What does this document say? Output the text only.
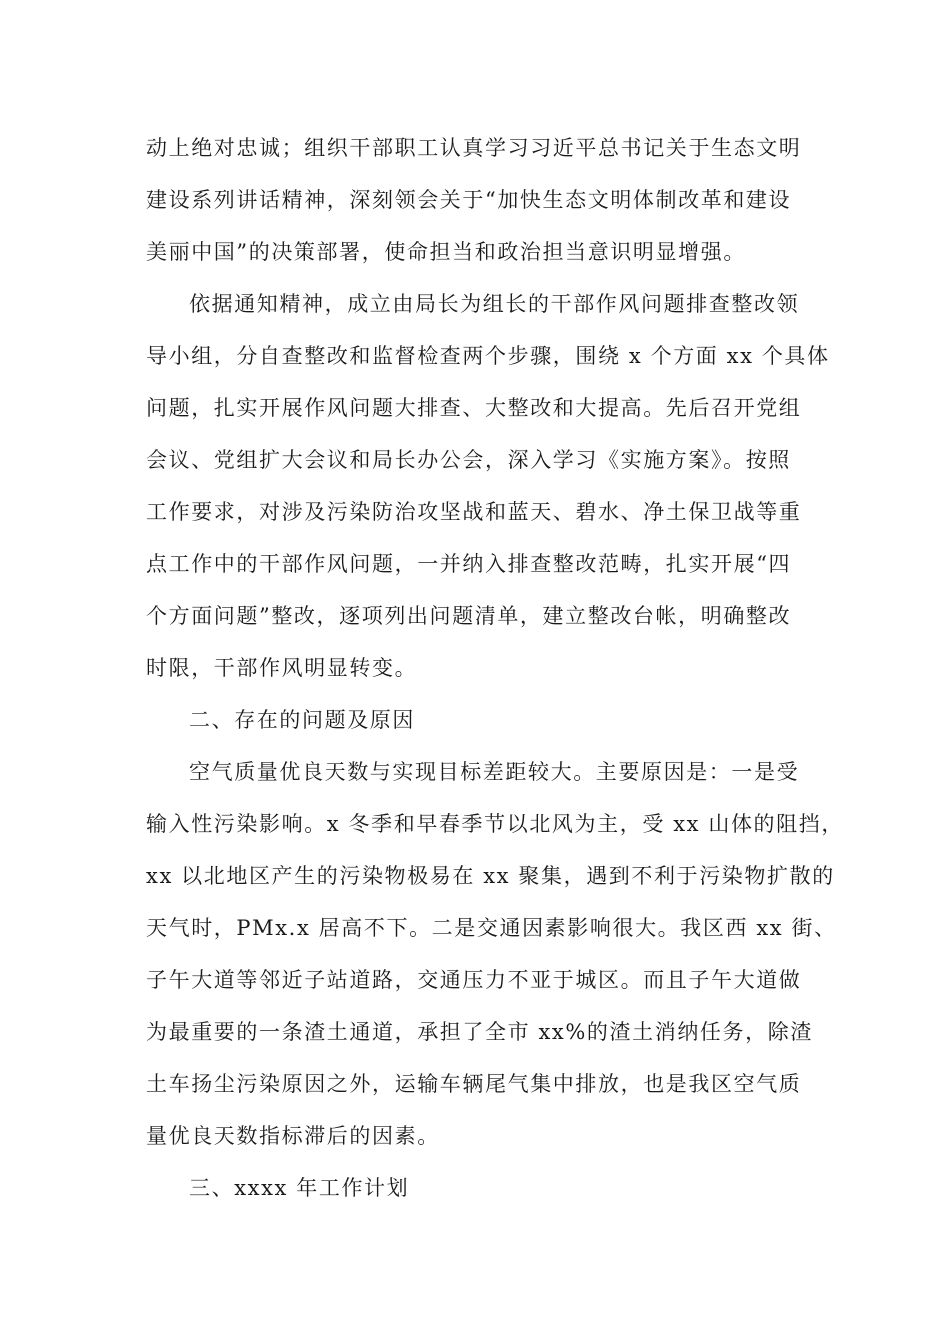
动上绝对忠诚；组织干部职工认真学习习近平总书记关于生态文明
建设系列讲话精神，深刻领会关于“加快生态文明体制改革和建设
美丽中国”的决策部署，使命担当和政治担当意识明显增强。
依据通知精神，成立由局长为组长的干部作风问题排查整改领
导小组，分自查整改和监督检查两个步骤，围绕 x 个方面 xx 个具体
问题，扎实开展作风问题大排查、大整改和大提高。先后召开党组
会议、党组扩大会议和局长办公会，深入学习《实施方案》。按照
工作要求，对涉及污染防治攻坚战和蓝天、碧水、净土保卫战等重
点工作中的干部作风问题，一并纳入排查整改范畴，扎实开展“四
个方面问题”整改，逐项列出问题清单，建立整改台帐，明确整改
时限，干部作风明显转变。
二、存在的问题及原因
空气质量优良天数与实现目标差距较大。主要原因是：一是受
输入性污染影响。x 冬季和早春季节以北风为主，受 xx 山体的阻挡，
xx 以北地区产生的污染物极易在 xx 聚集，遇到不利于污染物扩散的
天气时，PMx.x 居高不下。二是交通因素影响很大。我区西 xx 街、
子午大道等邻近子站道路，交通压力不亚于城区。而且子午大道做
为最重要的一条渣土通道，承担了全市 xx%的渣土消纳任务，除渣
土车扬尘污染原因之外，运输车辆尾气集中排放，也是我区空气质
量优良天数指标滞后的因素。
三、xxxx 年工作计划
